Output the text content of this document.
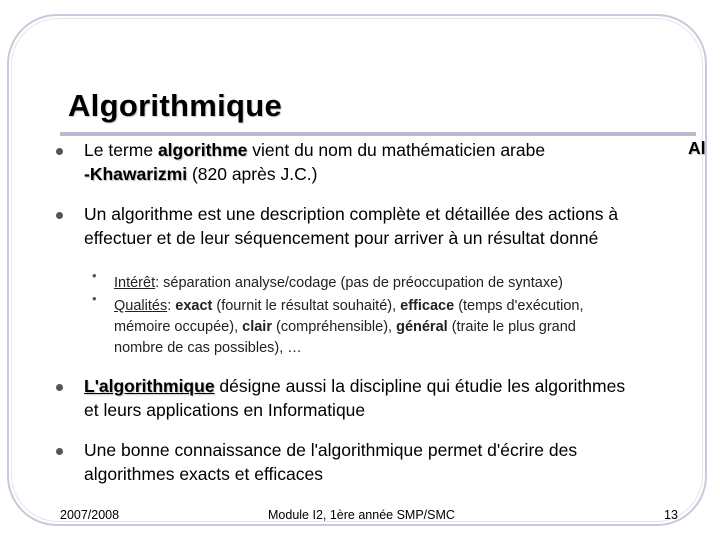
Algorithmique
Le terme algorithme vient du nom du mathématicien arabe
-Khawarizmi (820 après J.C.)
Al
Un algorithme est une description complète et détaillée des actions à
effectuer et de leur séquencement pour arriver à un résultat donné
• Intérêt: séparation analyse/codage (pas de préoccupation de syntaxe)
• Qualités: exact (fournit le résultat souhaité), efficace (temps d'exécution,
mémoire occupée), clair (compréhensible), général (traite le plus grand
nombre de cas possibles), …
L'algorithmique désigne aussi la discipline qui étudie les algorithmes
et leurs applications en Informatique
Une bonne connaissance de l'algorithmique permet d'écrire des
algorithmes exacts et efficaces
2007/2008	Module I2, 1ère année SMP/SMC	13
